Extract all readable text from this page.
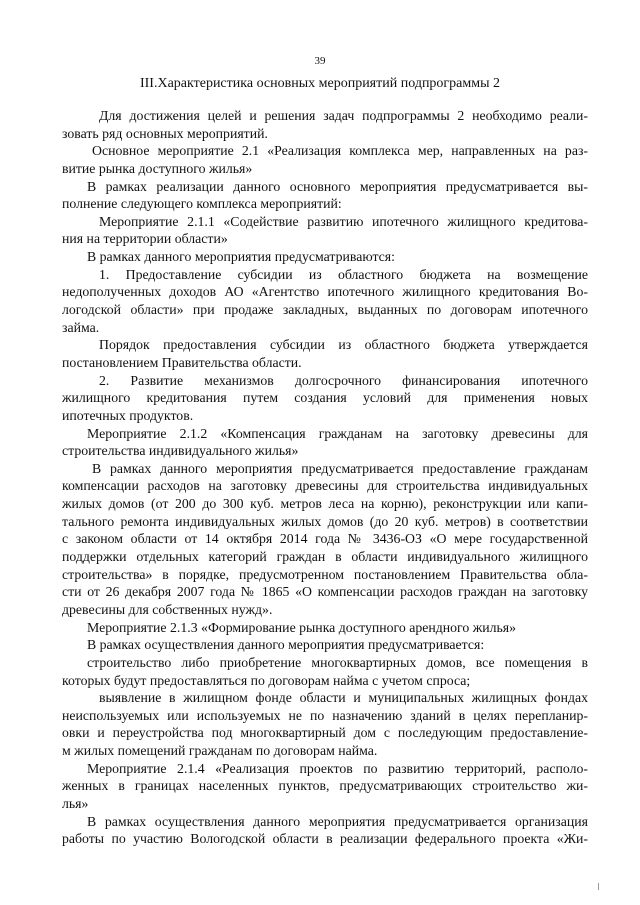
39
III.Характеристика основных мероприятий подпрограммы 2
Для достижения целей и решения задач подпрограммы 2 необходимо реали-
зовать ряд основных мероприятий.
Основное мероприятие 2.1 «Реализация комплекса мер, направленных на раз-
витие рынка доступного жилья»
В рамках реализации данного основного мероприятия предусматривается вы-
полнение следующего комплекса мероприятий:
Мероприятие 2.1.1 «Содействие развитию ипотечного жилищного кредитова-
ния на территории области»
В рамках данного мероприятия предусматриваются:
1. Предоставление субсидии из областного бюджета на возмещение
недополученных доходов АО «Агентство ипотечного жилищного кредитования Во-
логодской области» при продаже закладных, выданных по договорам ипотечного
займа.
Порядок предоставления субсидии из областного бюджета утверждается
постановлением Правительства области.
2. Развитие механизмов долгосрочного финансирования ипотечного
жилищного кредитования путем создания условий для применения новых
ипотечных продуктов.
Мероприятие 2.1.2 «Компенсация гражданам на заготовку древесины для
строительства индивидуального жилья»
В рамках данного мероприятия предусматривается предоставление гражданам
компенсации расходов на заготовку древесины для строительства индивидуальных
жилых домов (от 200 до 300 куб. метров леса на корню), реконструкции или капи-
тального ремонта индивидуальных жилых домов (до 20 куб. метров) в соответствии
с законом области от 14 октября 2014 года № 3436-ОЗ «О мере государственной
поддержки отдельных категорий граждан в области индивидуального жилищного
строительства» в порядке, предусмотренном постановлением Правительства обла-
сти от 26 декабря 2007 года № 1865 «О компенсации расходов граждан на заготовку
древесины для собственных нужд».
Мероприятие 2.1.3 «Формирование рынка доступного арендного жилья»
В рамках осуществления данного мероприятия предусматривается:
строительство либо приобретение многоквартирных домов, все помещения в
которых будут предоставляться по договорам найма с учетом спроса;
выявление в жилищном фонде области и муниципальных жилищных фондах
неиспользуемых или используемых не по назначению зданий в целях перепланир-
овки и переустройства под многоквартирный дом с последующим предоставление-
м жилых помещений гражданам по договорам найма.
Мероприятие 2.1.4 «Реализация проектов по развитию территорий, располо-
женных в границах населенных пунктов, предусматривающих строительство жи-
лья»
В рамках осуществления данного мероприятия предусматривается организация
работы по участию Вологодской области в реализации федерального проекта «Жи-
